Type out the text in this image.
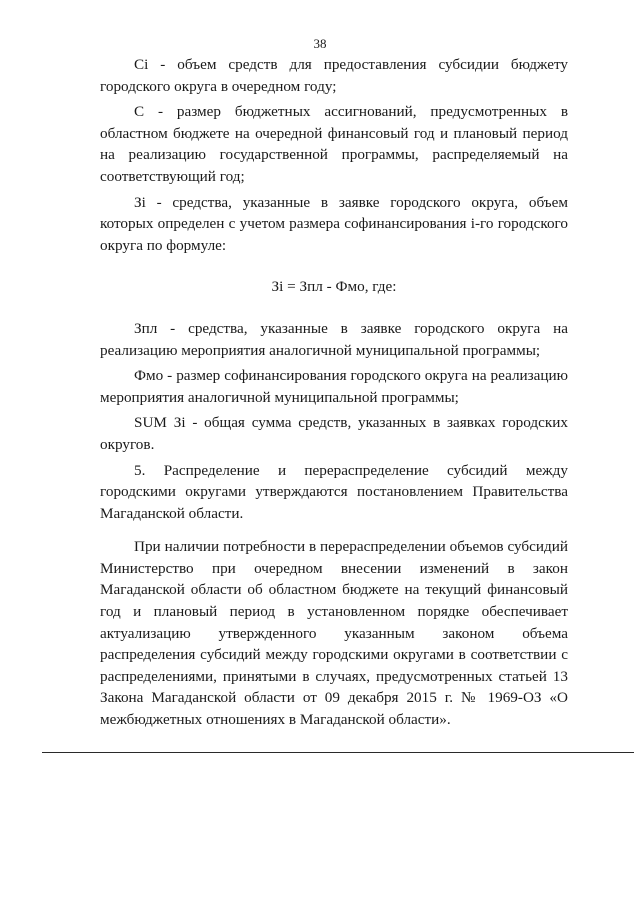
38

Ci - объем средств для предоставления субсидии бюджету городского округа в очередном году;

С - размер бюджетных ассигнований, предусмотренных в областном бюджете на очередной финансовый год и плановый период на реализацию государственной программы, распределяемый на соответствующий год;

Зi - средства, указанные в заявке городского округа, объем которых определен с учетом размера софинансирования i-го городского округа по формуле:

Зi = Зпл - Фмо, где:

Зпл - средства, указанные в заявке городского округа на реализацию мероприятия аналогичной муниципальной программы;

Фмо - размер софинансирования городского округа на реализацию мероприятия аналогичной муниципальной программы;

SUM Зi - общая сумма средств, указанных в заявках городских округов.

5. Распределение и перераспределение субсидий между городскими округами утверждаются постановлением Правительства Магаданской области.

При наличии потребности в перераспределении объемов субсидий Министерство при очередном внесении изменений в закон Магаданской области об областном бюджете на текущий финансовый год и плановый период в установленном порядке обеспечивает актуализацию утвержденного указанным законом объема распределения субсидий между городскими округами в соответствии с распределениями, принятыми в случаях, предусмотренных статьей 13 Закона Магаданской области от 09 декабря 2015 г. № 1969-ОЗ «О межбюджетных отношениях в Магаданской области».
